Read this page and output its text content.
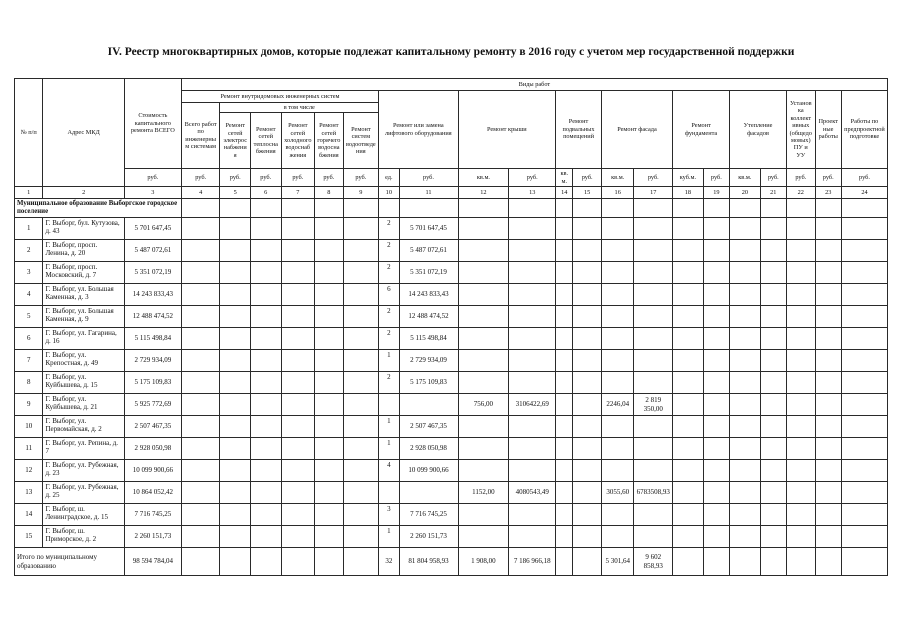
IV. Реестр многоквартирных домов, которые подлежат капитальному ремонту в 2016 году с учетом мер государственной поддержки
№ п/п	Адрес МКД	Стоимость капитального ремонта ВСЕГО	Виды работ																				
			Ремонт внутридомовых инженерных систем						Ремонт или замена лифтового оборудования		Ремонт крыши		Ремонт подвальных помещений		Ремонт фасада		Ремонт фундамента		Утепление фасадов		Установка коллективных (общедомовых) ПУ и УУ	Проектные работы	Работы по предпроектной подготовке
			Всего работ по инженерным системам	в том числе																			
				Ремонт сетей электроснабжения	Ремонт сетей теплоснабжения	Ремонт сетей холодного водоснабжения	Ремонт сетей горячего водоснабжения	Ремонт систем водоотведения															
		руб.	руб.	руб.	руб.	руб.	руб.	руб.	ед.	руб.	кв.м.	руб.	кв. м.	руб.	кв.м.	руб.	куб.м.	руб.	кв.м.	руб.	руб.	руб.	руб.
1	2	3	4	5	6	7	8	9	10	11	12	13	14	15	16	17	18	19	20	21	22	23	24
Муниципальное образование Выборгское городское поселение																							
1	Г. Выборг, бул. Кутузова, д. 43	5 701 647,45							2	5 701 647,45													
2	Г. Выборг, просп. Ленина, д. 20	5 487 072,61							2	5 487 072,61													
3	Г. Выборг, просп. Московский, д. 7	5 351 072,19							2	5 351 072,19													
4	Г. Выборг, ул. Большая Каменная, д. 3	14 243 833,43							6	14 243 833,43													
5	Г. Выборг, ул. Большая Каменная, д. 9	12 488 474,52							2	12 488 474,52													
6	Г. Выборг, ул. Гагарина, д. 16	5 115 498,84							2	5 115 498,84													
7	Г. Выборг, ул. Крепостная, д. 49	2 729 934,09							1	2 729 934,09													
8	Г. Выборг, ул. Куйбышева, д. 15	5 175 109,83							2	5 175 109,83													
9	Г. Выборг, ул. Куйбышева, д. 21	5 925 772,69									756,00	3106422,69			2246,04	2 819 350,00							
10	Г. Выборг, ул. Первомайская, д. 2	2 507 467,35							1	2 507 467,35													
11	Г. Выборг, ул. Репина, д. 7	2 928 050,98							1	2 928 050,98													
12	Г. Выборг, ул. Рубежная, д. 23	10 099 900,66							4	10 099 900,66													
13	Г. Выборг, ул. Рубежная, д. 25	10 864 052,42									1152,00	4080543,49			3055,60	6783508,93							
14	Г. Выборг, ш. Ленинградское, д. 15	7 716 745,25							3	7 716 745,25													
15	Г. Выборг, ш. Приморское, д. 2	2 260 151,73							1	2 260 151,73													
Итого по муниципальному образованию		98 594 784,04							32	81 804 958,93	1 908,00	7 186 966,18			5 301,64	9 602 858,93							
